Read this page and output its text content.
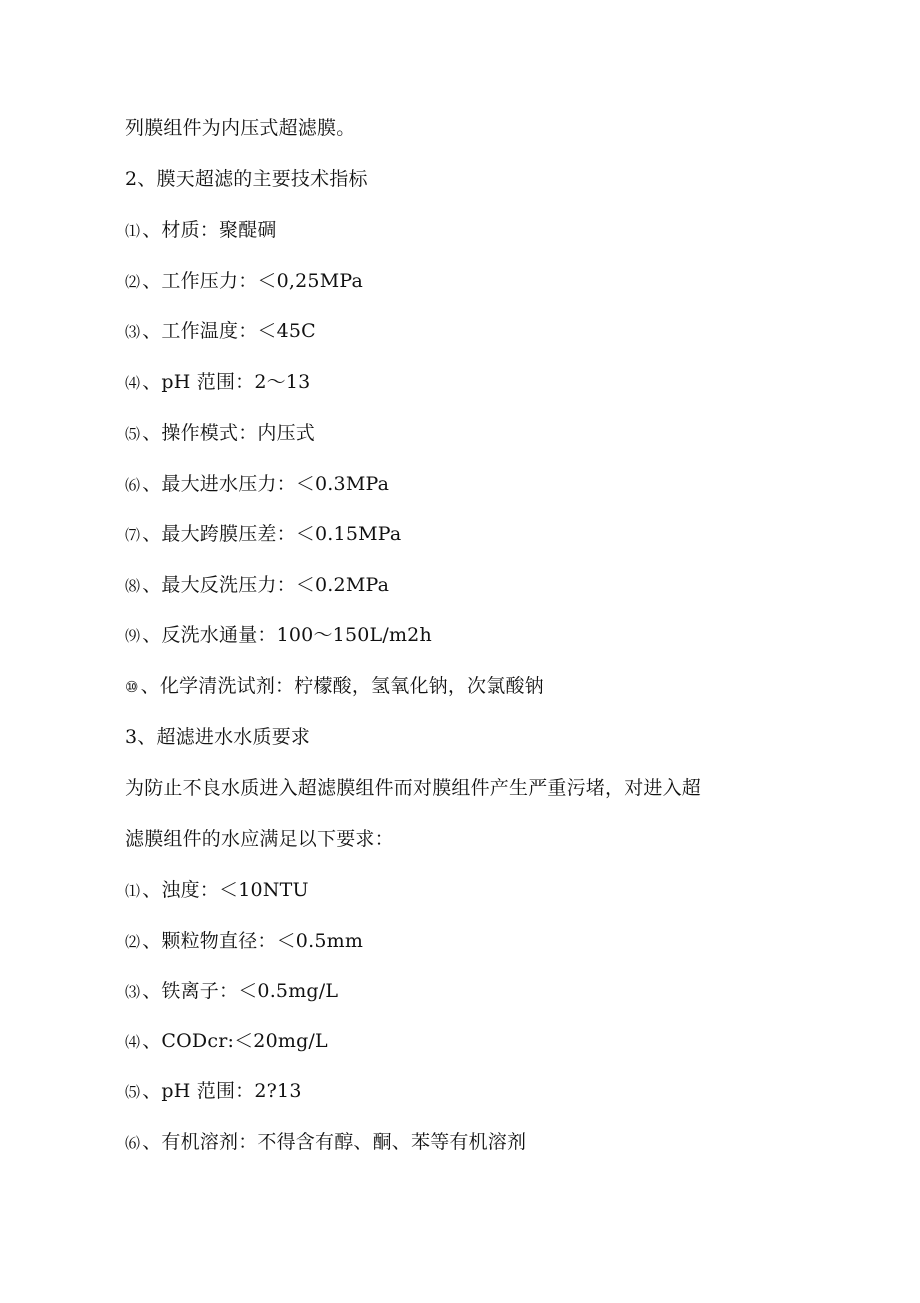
列膜组件为内压式超滤膜。
2、膜天超滤的主要技术指标
⑴ 、材质：聚醍碉
⑵ 、工作压力：＜0,25MPa
⑶ 、工作温度：＜45C
⑷ 、pH 范围：2～13
⑸ 、操作模式：内压式
⑹ 、最大进水压力：＜0.3MPa
⑺ 、最大跨膜压差：＜0.15MPa
⑻ 、最大反洗压力：＜0.2MPa
⑼ 、反洗水通量：100～150L/m2h
⑩ 、化学清洗试剂：柠檬酸，氢氧化钠，次氯酸钠
3、超滤进水水质要求
为防止不良水质进入超滤膜组件而对膜组件产生严重污堵，对进入超
滤膜组件的水应满足以下要求：
⑴ 、浊度：＜10NTU
⑵ 、颗粒物直径：＜0.5mm
⑶ 、铁离子：＜0.5mg/L
⑷ 、CODcr:＜20mg/L
⑸ 、pH 范围：2?13
⑹ 、有机溶剂：不得含有醇、酮、苯等有机溶剂
